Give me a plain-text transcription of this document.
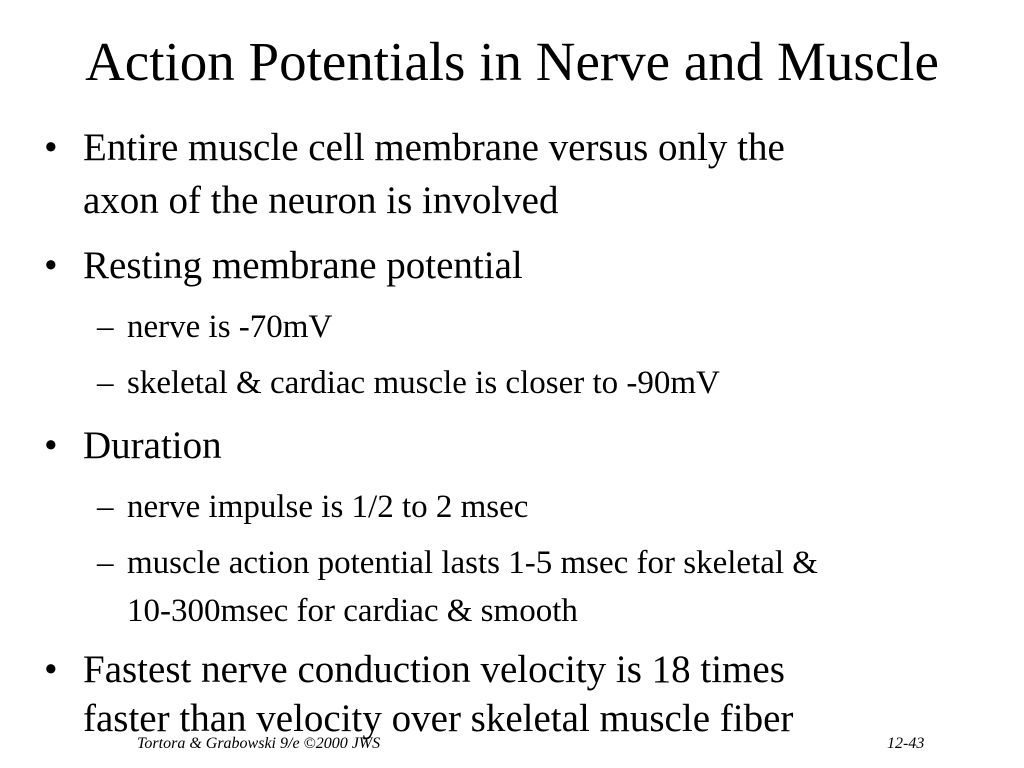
Action Potentials in Nerve and Muscle
• Entire muscle cell membrane versus only the
axon of the neuron is involved
• Resting membrane potential
– nerve is -70mV
– skeletal & cardiac muscle is closer to -90mV
• Duration
– nerve impulse is 1/2 to 2 msec
– muscle action potential lasts 1-5 msec for skeletal &
10-300msec for cardiac & smooth
• Fastest nerve conduction velocity is 18 times
faster than velocity over skeletal muscle fiber
Tortora & Grabowski 9/e ©2000 JWS	12-43
